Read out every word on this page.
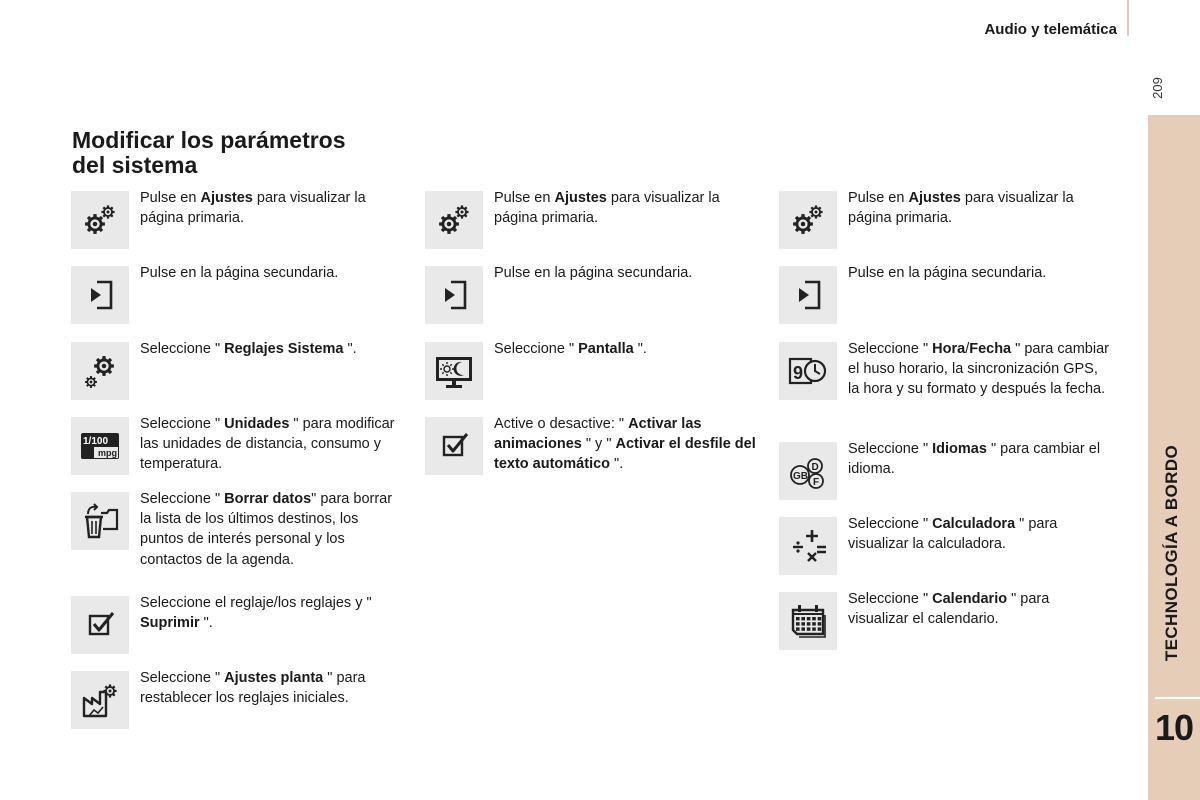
Audio y telemática
209
TECHNOLOGÍA A BORDO
10
Modificar los parámetros
del sistema
Pulse en Ajustes para visualizar la página primaria.
Pulse en la página secundaria.
Seleccione " Reglajes Sistema ".
1/100
mpg
Seleccione " Unidades " para modificar las unidades de distancia, consumo y temperatura.
Seleccione " Borrar datos" para borrar la lista de los últimos destinos, los puntos de interés personal y los contactos de la agenda.
Seleccione el reglaje/los reglajes y " Suprimir ".
Seleccione " Ajustes planta " para restablecer los reglajes iniciales.
Pulse en Ajustes para visualizar la página primaria.
Pulse en la página secundaria.
Seleccione " Pantalla ".
Active o desactive: " Activar las animaciones " y " Activar el desfile del texto automático ".
Pulse en Ajustes para visualizar la página primaria.
Pulse en la página secundaria.
9
Seleccione " Hora/Fecha " para cambiar el huso horario, la sincronización GPS, la hora y su formato y después la fecha.
GB
D
F
Seleccione " Idiomas " para cambiar el idioma.
Seleccione " Calculadora " para visualizar la calculadora.
Seleccione " Calendario " para visualizar el calendario.
